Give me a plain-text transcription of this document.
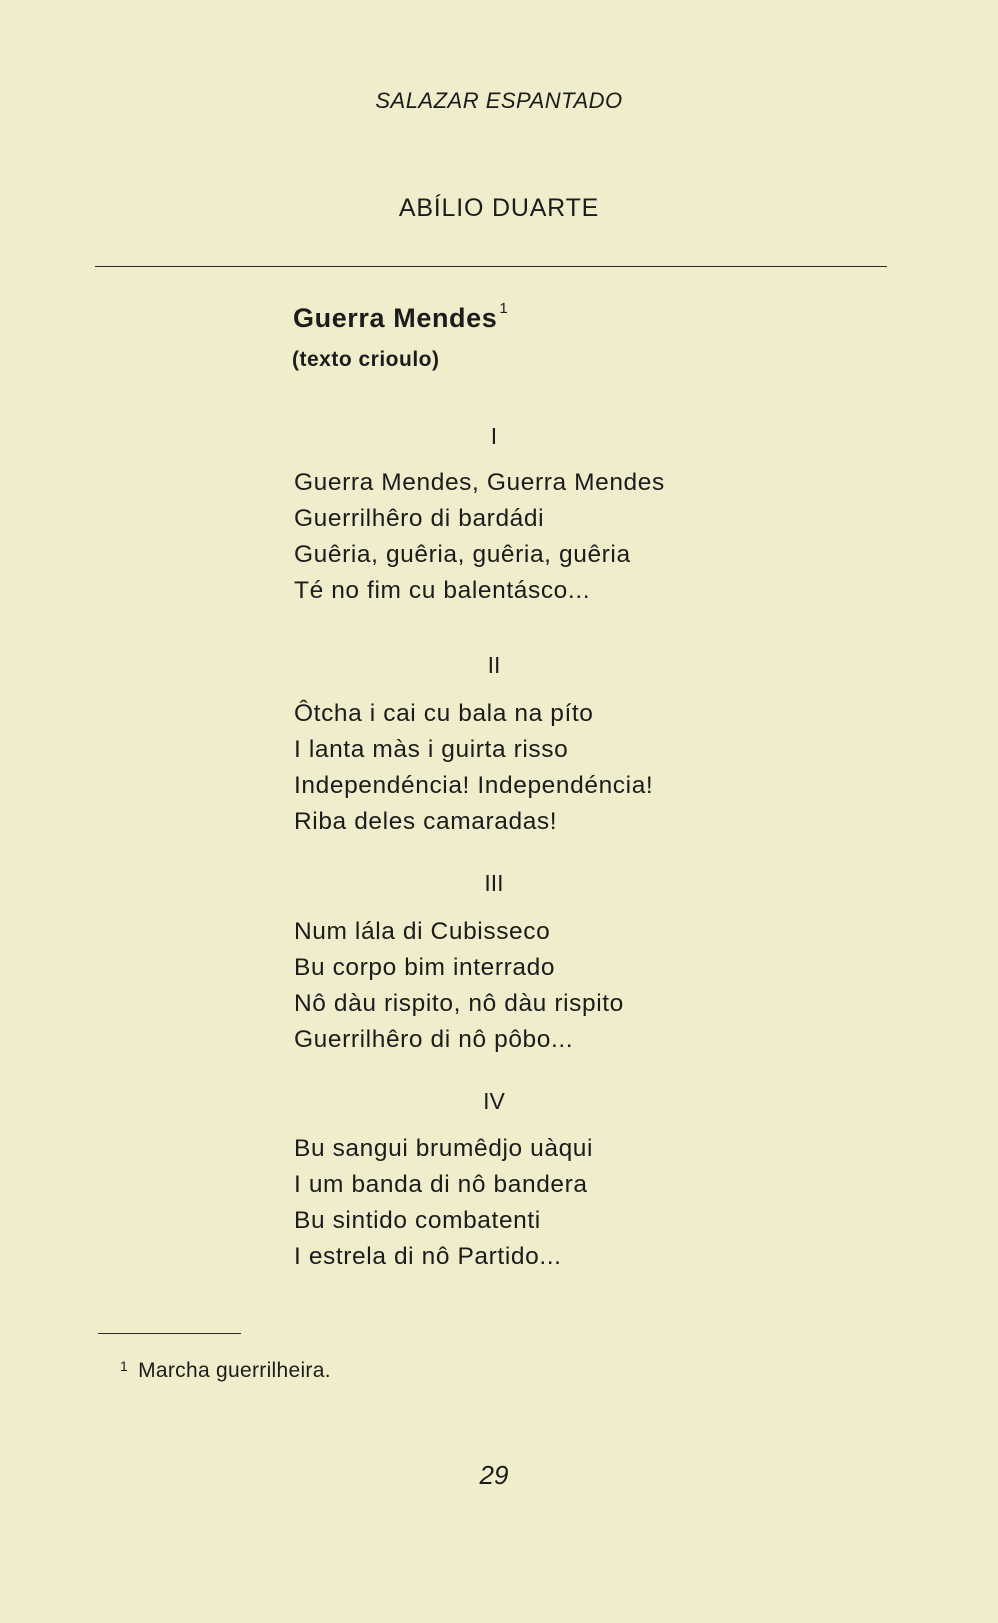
SALAZAR ESPANTADO
ABÍLIO DUARTE
Guerra Mendes $^1$
(texto crioulo)
I
Guerra Mendes, Guerra Mendes
Guerrilhêro di bardádi
Guêria, guêria, guêria, guêria
Té no fim cu balentásco...
II
Ôtcha i cai cu bala na píto
I lanta màs i guirta risso
Independéncia! Independéncia!
Riba deles camaradas!
III
Num lála di Cubisseco
Bu corpo bim interrado
Nô dàu rispito, nô dàu rispito
Guerrilhêro di nô pôbo...
IV
Bu sangui brumêdjo uàqui
I um banda di nô bandera
Bu sintido combatenti
I estrela di nô Partido...
$^1$ Marcha guerrilheira.
29
